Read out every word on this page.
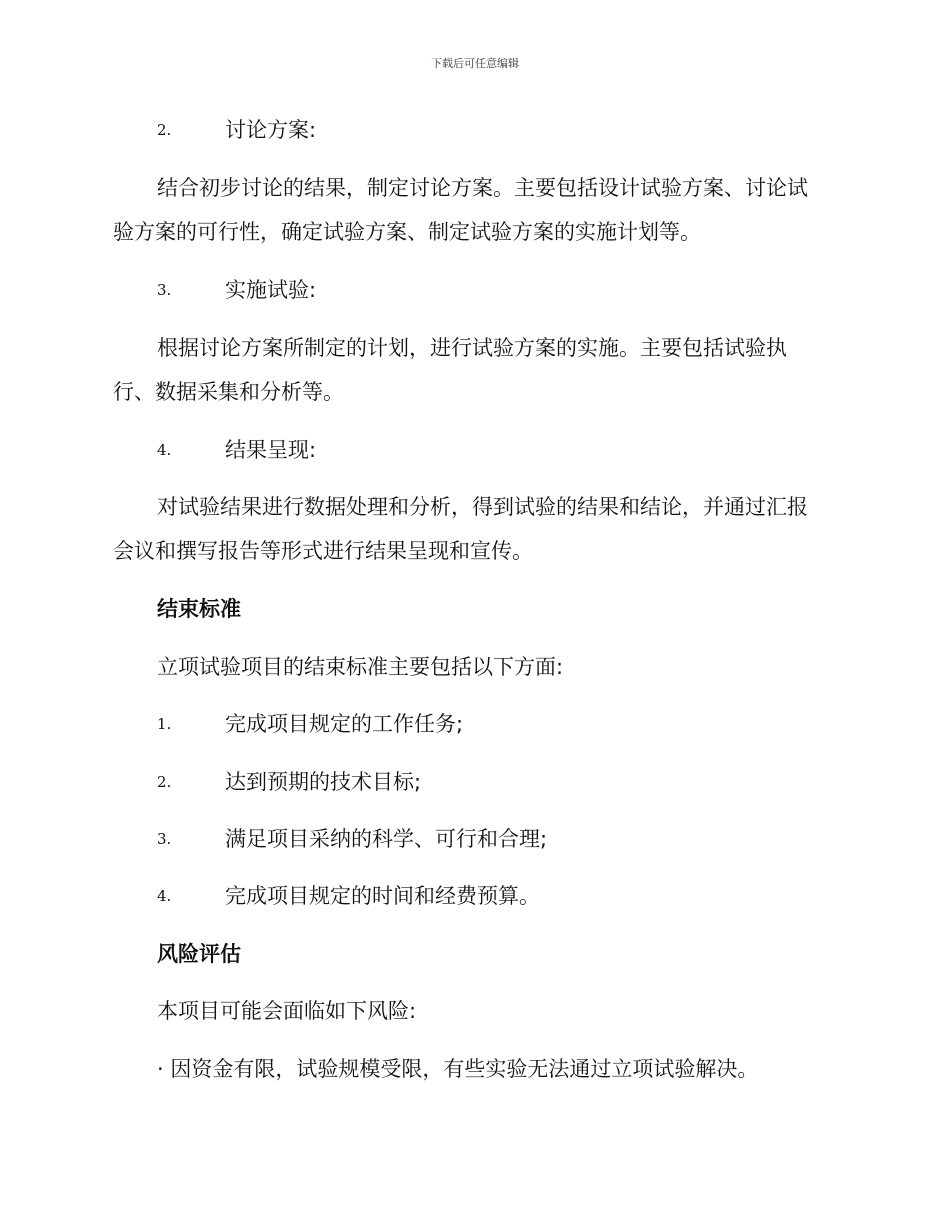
下载后可任意编辑
2.	讨论方案:
结合初步讨论的结果，制定讨论方案。主要包括设计试验方案、讨论试
验方案的可行性，确定试验方案、制定试验方案的实施计划等。
3.	实施试验:
根据讨论方案所制定的计划，进行试验方案的实施。主要包括试验执
行、数据采集和分析等。
4.	结果呈现:
对试验结果进行数据处理和分析，得到试验的结果和结论，并通过汇报
会议和撰写报告等形式进行结果呈现和宣传。
结束标准
立项试验项目的结束标准主要包括以下方面:
1.	完成项目规定的工作任务;
2.	达到预期的技术目标;
3.	满足项目采纳的科学、可行和合理;
4.	完成项目规定的时间和经费预算。
风险评估
本项目可能会面临如下风险:
· 因资金有限，试验规模受限，有些实验无法通过立项试验解决。
